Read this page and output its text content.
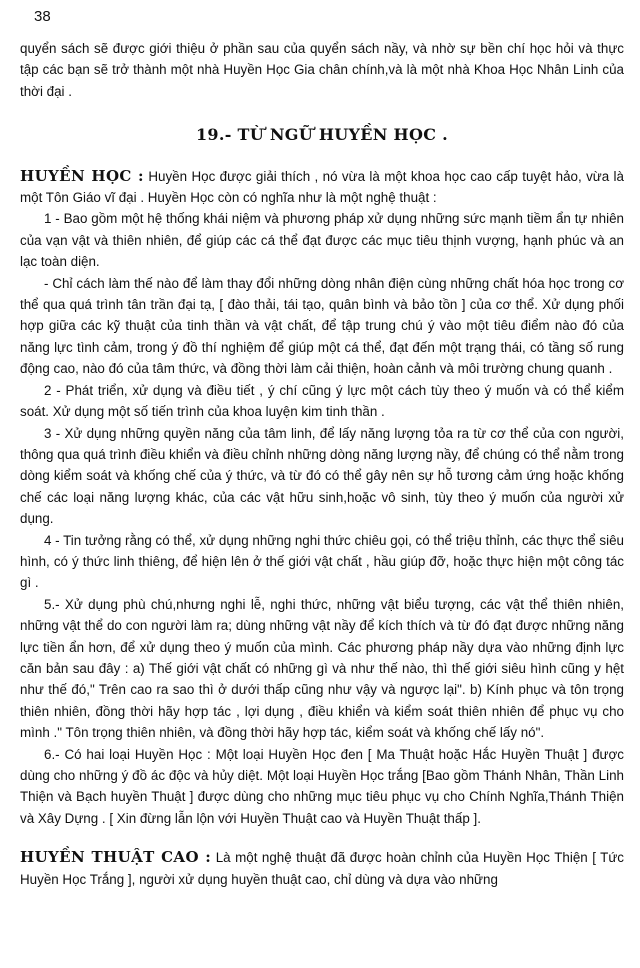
38

quyển sách sẽ được giới thiệu ở phần sau của quyển sách nầy, và nhờ sự bền chí học hỏi và thực tập các bạn sẽ trở thành một nhà Huyền Học Gia chân chính,và là một nhà Khoa Học Nhân Linh của thời đại .

19.- TỪ NGỮ HUYỀN HỌC .

HUYỀN HỌC : Huyền Học được giải thích , nó vừa là một khoa học cao cấp tuyệt hảo, vừa là một Tôn Giáo vĩ đại . Huyền Học còn có nghĩa như là một nghệ thuật :

1 - Bao gồm một hệ thống khái niệm và phương pháp xử dụng những sức mạnh tiềm ẩn tự nhiên của vạn vật và thiên nhiên, để giúp các cá thể đạt được các mục tiêu thịnh vượng, hạnh phúc và an lạc toàn diện.

- Chỉ cách làm thế nào để làm thay đổi những dòng nhân điện cùng những chất hóa học trong cơ thể qua quá trình tân trần đại tạ, [ đào thải, tái tạo, quân bình và bảo tồn ] của cơ thể. Xử dụng phối hợp giữa các kỹ thuật của tinh thần và vật chất, để tập trung chú ý vào một tiêu điểm nào đó của năng lực tình cảm, trong ý đồ thí nghiệm để giúp một cá thể, đạt đến một trạng thái, có tầng số rung động cao, nào đó của tâm thức, và đồng thời làm cải thiện, hoàn cảnh và môi trường chung quanh .

2 - Phát triển, xử dụng và điều tiết , ý chí cũng ý lực một cách tùy theo ý muốn và có thể kiểm soát. Xử dụng một số tiến trình của khoa luyện kim tinh thần .

3 - Xử dụng những quyền năng của tâm linh, để lấy năng lượng tỏa ra từ cơ thể của con người, thông qua quá trình điều khiển và điều chỉnh những dòng năng lượng nầy, để chúng có thể nằm trong dòng kiểm soát và khống chế của ý thức, và từ đó có thể gây nên sự hỗ tương cảm ứng hoặc khống chế các loại năng lượng khác, của các vật hữu sinh,hoặc vô sinh, tùy theo ý muốn của người xử dụng.

4 - Tin tưởng rằng có thể, xử dụng những nghi thức chiêu gọi, có thể triệu thỉnh, các thực thể siêu hình, có ý thức linh thiêng, để hiện lên ở thế giới vật chất , hầu giúp đỡ, hoặc thực hiện một công tác gì .

5.- Xử dụng phù chú,nhưng nghi lễ, nghi thức, những vật biểu tượng, các vật thể thiên nhiên, những vật thể do con người làm ra; dùng những vật nầy để kích thích và từ đó đạt được những năng lực tiền ẩn hơn, để xử dụng theo ý muốn của mình. Các phương pháp nầy dựa vào những định lực căn bản sau đây : a) Thế giới vật chất có những gì và như thế nào, thì thế giới siêu hình cũng y hệt như thế đó," Trên cao ra sao thì ở dưới thấp cũng như vậy và ngược lại". b) Kính phục và tôn trọng thiên nhiên, đồng thời hãy hợp tác , lợi dụng , điều khiển và kiểm soát thiên nhiên để phục vụ cho mình ." Tôn trọng thiên nhiên, và đồng thời hãy hợp tác, kiểm soát và khống chế lấy nó".

6.- Có hai loại Huyền Học : Một loại Huyền Học đen [ Ma Thuật hoặc Hắc Huyền Thuật ] được dùng cho những ý đồ ác độc và hủy diệt. Một loại Huyền Học trắng [Bao gồm Thánh Nhân, Thần Linh Thiện và Bạch huyền Thuật ] được dùng cho những mục tiêu phục vụ cho Chính Nghĩa,Thánh Thiện và Xây Dựng . [ Xin đừng lẫn lộn với Huyền Thuật cao và Huyền Thuật thấp ].

HUYỀN THUẬT CAO : Là một nghệ thuật đã được hoàn chỉnh của Huyền Học Thiện [ Tức Huyền Học Trắng ], người xử dụng huyền thuật cao, chỉ dùng và dựa vào những
